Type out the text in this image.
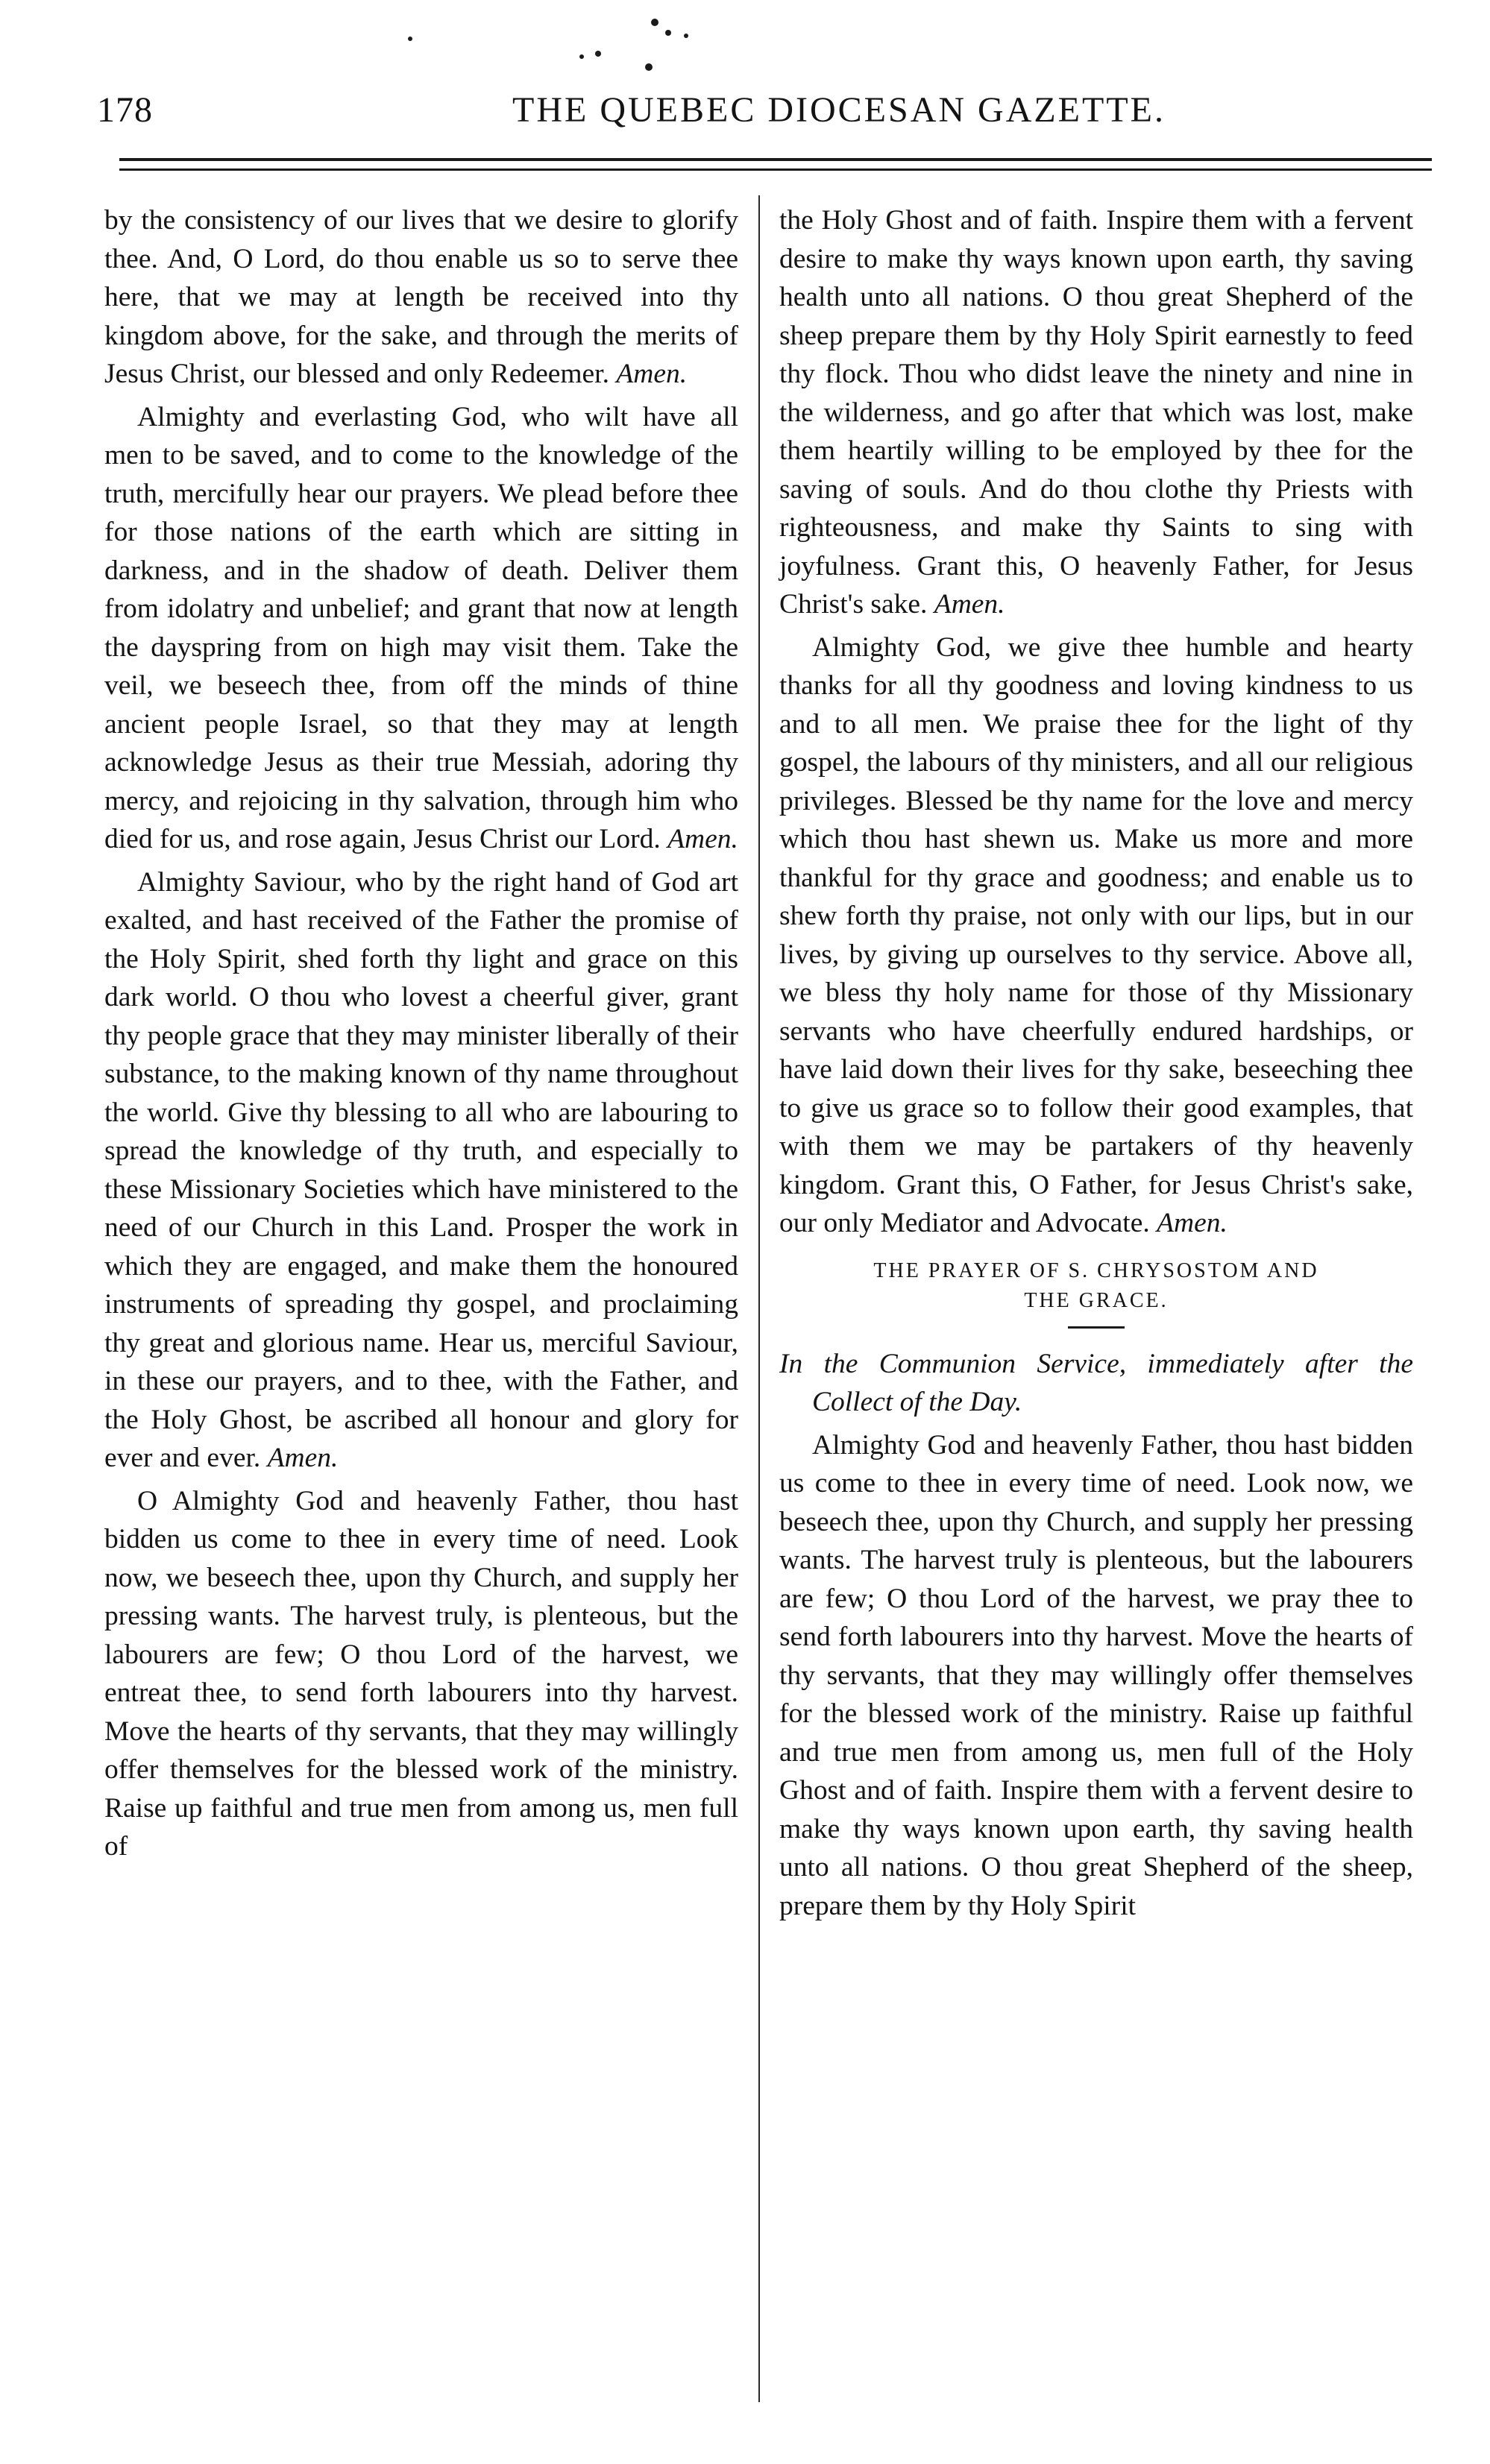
178	THE QUEBEC DIOCESAN GAZETTE.

by the consistency of our lives that we desire to glorify thee. And, O Lord, do thou enable us so to serve thee here, that we may at length be received into thy kingdom above, for the sake, and through the merits of Jesus Christ, our blessed and only Redeemer. Amen.

Almighty and everlasting God, who wilt have all men to be saved, and to come to the knowledge of the truth, mercifully hear our prayers. We plead before thee for those nations of the earth which are sitting in darkness, and in the shadow of death. Deliver them from idolatry and unbelief; and grant that now at length the dayspring from on high may visit them. Take the veil, we beseech thee, from off the minds of thine ancient people Israel, so that they may at length acknowledge Jesus as their true Messiah, adoring thy mercy, and rejoicing in thy salvation, through him who died for us, and rose again, Jesus Christ our Lord. Amen.

Almighty Saviour, who by the right hand of God art exalted, and hast received of the Father the promise of the Holy Spirit, shed forth thy light and grace on this dark world. O thou who lovest a cheerful giver, grant thy people grace that they may minister liberally of their substance, to the making known of thy name throughout the world. Give thy blessing to all who are labouring to spread the knowledge of thy truth, and especially to these Missionary Societies which have ministered to the need of our Church in this Land. Prosper the work in which they are engaged, and make them the honoured instruments of spreading thy gospel, and proclaiming thy great and glorious name. Hear us, merciful Saviour, in these our prayers, and to thee, with the Father, and the Holy Ghost, be ascribed all honour and glory for ever and ever. Amen.

O Almighty God and heavenly Father, thou hast bidden us come to thee in every time of need. Look now, we beseech thee, upon thy Church, and supply her pressing wants. The harvest truly, is plenteous, but the labourers are few; O thou Lord of the harvest, we entreat thee, to send forth labourers into thy harvest. Move the hearts of thy servants, that they may willingly offer themselves for the blessed work of the ministry. Raise up faithful and true men from among us, men full of

the Holy Ghost and of faith. Inspire them with a fervent desire to make thy ways known upon earth, thy saving health unto all nations. O thou great Shepherd of the sheep prepare them by thy Holy Spirit earnestly to feed thy flock. Thou who didst leave the ninety and nine in the wilderness, and go after that which was lost, make them heartily willing to be employed by thee for the saving of souls. And do thou clothe thy Priests with righteousness, and make thy Saints to sing with joyfulness. Grant this, O heavenly Father, for Jesus Christ's sake. Amen.

Almighty God, we give thee humble and hearty thanks for all thy goodness and loving kindness to us and to all men. We praise thee for the light of thy gospel, the labours of thy ministers, and all our religious privileges. Blessed be thy name for the love and mercy which thou hast shewn us. Make us more and more thankful for thy grace and goodness; and enable us to shew forth thy praise, not only with our lips, but in our lives, by giving up ourselves to thy service. Above all, we bless thy holy name for those of thy Missionary servants who have cheerfully endured hardships, or have laid down their lives for thy sake, beseeching thee to give us grace so to follow their good examples, that with them we may be partakers of thy heavenly kingdom. Grant this, O Father, for Jesus Christ's sake, our only Mediator and Advocate. Amen.

THE PRAYER OF S. CHRYSOSTOM AND
THE GRACE.

In the Communion Service, immediately after the Collect of the Day.

Almighty God and heavenly Father, thou hast bidden us come to thee in every time of need. Look now, we beseech thee, upon thy Church, and supply her pressing wants. The harvest truly is plenteous, but the labourers are few; O thou Lord of the harvest, we pray thee to send forth labourers into thy harvest. Move the hearts of thy servants, that they may willingly offer themselves for the blessed work of the ministry. Raise up faithful and true men from among us, men full of the Holy Ghost and of faith. Inspire them with a fervent desire to make thy ways known upon earth, thy saving health unto all nations. O thou great Shepherd of the sheep, prepare them by thy Holy Spirit
